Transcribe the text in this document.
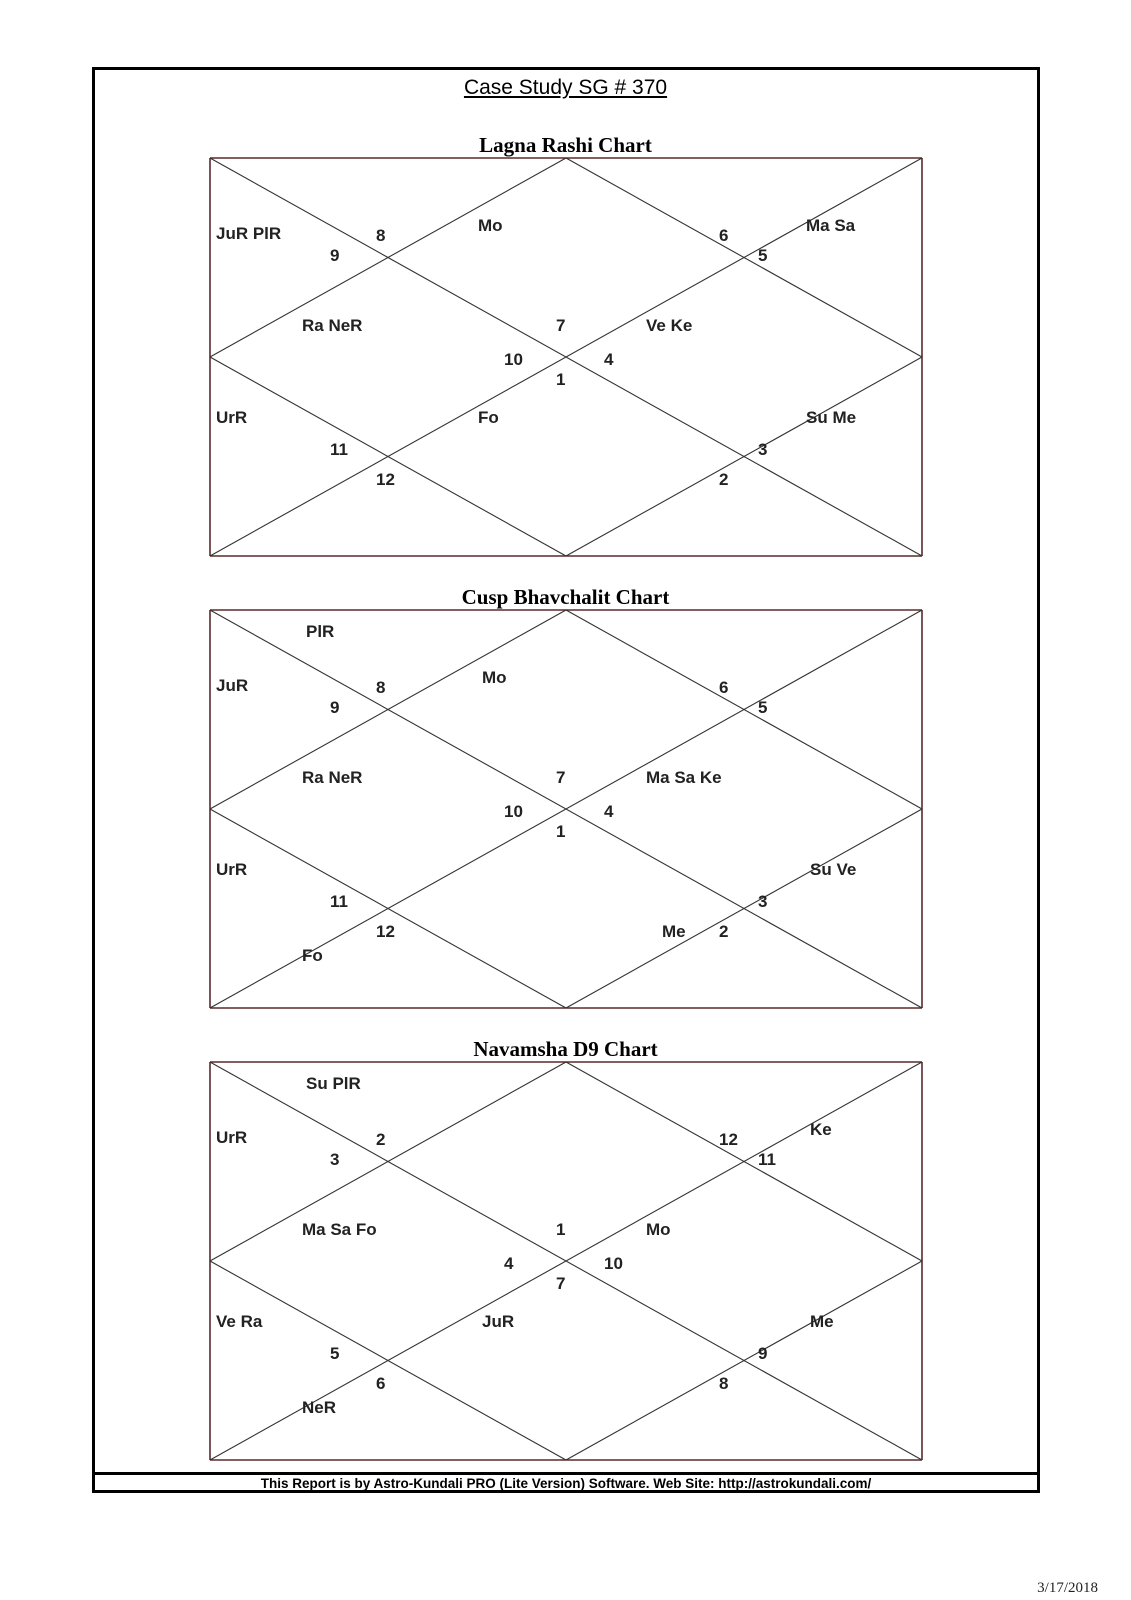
Case Study SG # 370
Lagna Rashi Chart
1
Fo
2
3
Su Me
4
Ve Ke
5
Ma Sa
6
7
Mo
8
9
JuR PlR
10
Ra NeR
11
UrR
12
Cusp Bhavchalit Chart
1
2
Me
3
Su Ve
4
Ma Sa Ke
5
6
7
Mo
8
PlR
9
JuR
10
Ra NeR
11
UrR
12
Fo
Navamsha D9 Chart
7
JuR
8
9
Me
10
Mo
11
Ke
12
1
2
Su PlR
3
UrR
4
Ma Sa Fo
5
Ve Ra
6
NeR
This Report is by Astro-Kundali PRO (Lite Version) Software. Web Site: http://astrokundali.com/
3/17/2018
